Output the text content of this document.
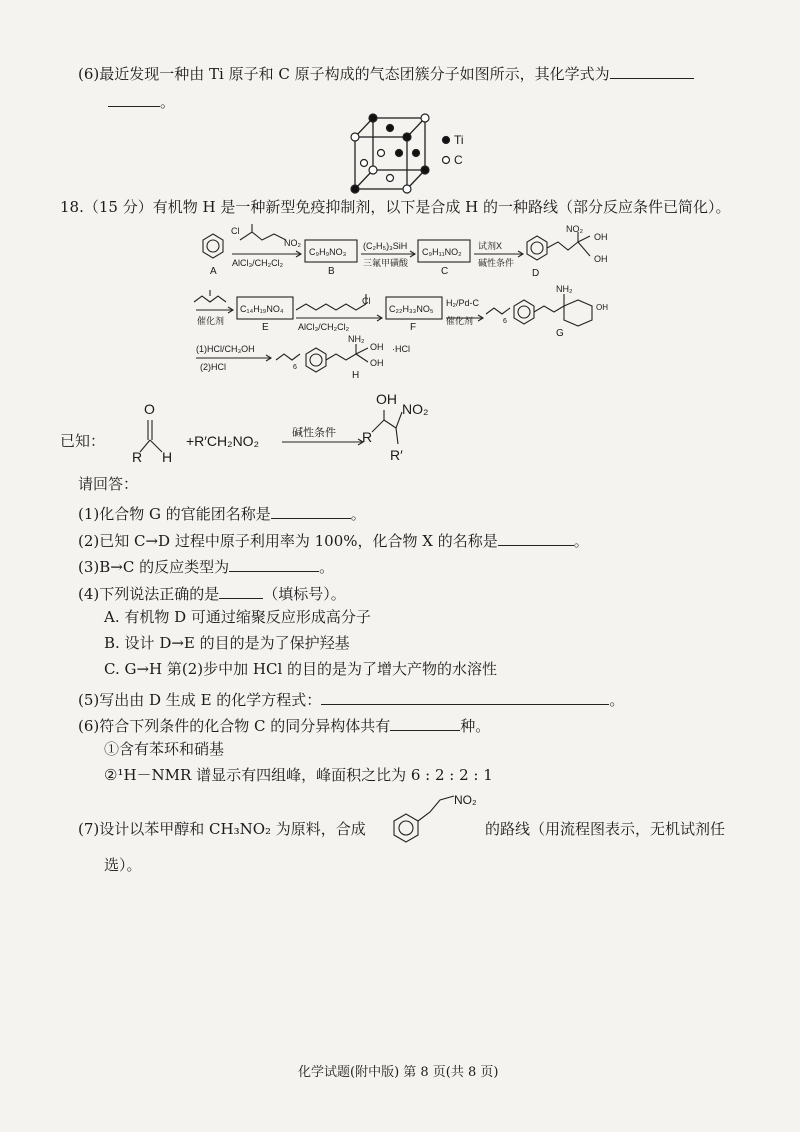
(6)最近发现一种由 Ti 原子和 C 原子构成的气态团簇分子如图所示，其化学式为
。
Ti
C
18.（15 分）有机物 H 是一种新型免疫抑制剂，以下是合成 H 的一种路线（部分反应条件已简化）。
Cl
NO₂
AlCl₃/CH₂Cl₂
A
C₉H₉NO₃
B
(C₂H₅)₃SiH
三氟甲磺酸
C₉H₁₁NO₂
C
试剂X
碱性条件
D
NO₂
OH
OH
催化剂
C₁₄H₁₉NO₄
E
Cl
AlCl₃/CH₂Cl₂
C₂₂H₃₃NO₅
F
H₂/Pd-C
催化剂	6
NH₂
OH
G
(1)HCl/CH₃OH
(2)HCl	6
NH₂
OH ·HCl
OH
H
已知：
O
R H
+R′CH₂NO₂	碱性条件
OH
NO₂
R
R′
请回答：
(1)化合物 G 的官能团名称是	。
(2)已知 C→D 过程中原子利用率为 100%，化合物 X 的名称是	。
(3)B→C 的反应类型为	。
(4)下列说法正确的是	（填标号）。
A. 有机物 D 可通过缩聚反应形成高分子
B. 设计 D→E 的目的是为了保护羟基
C. G→H 第(2)步中加 HCl 的目的是为了增大产物的水溶性
(5)写出由 D 生成 E 的化学方程式：	。
(6)符合下列条件的化合物 C 的同分异构体共有	种。
①含有苯环和硝基
②¹H－NMR 谱显示有四组峰，峰面积之比为 6 : 2 : 2 : 1
(7)设计以苯甲醇和 CH₃NO₂ 为原料，合成
NO₂
的路线（用流程图表示，无机试剂任
选）。
化学试题(附中版) 第 8 页(共 8 页)
